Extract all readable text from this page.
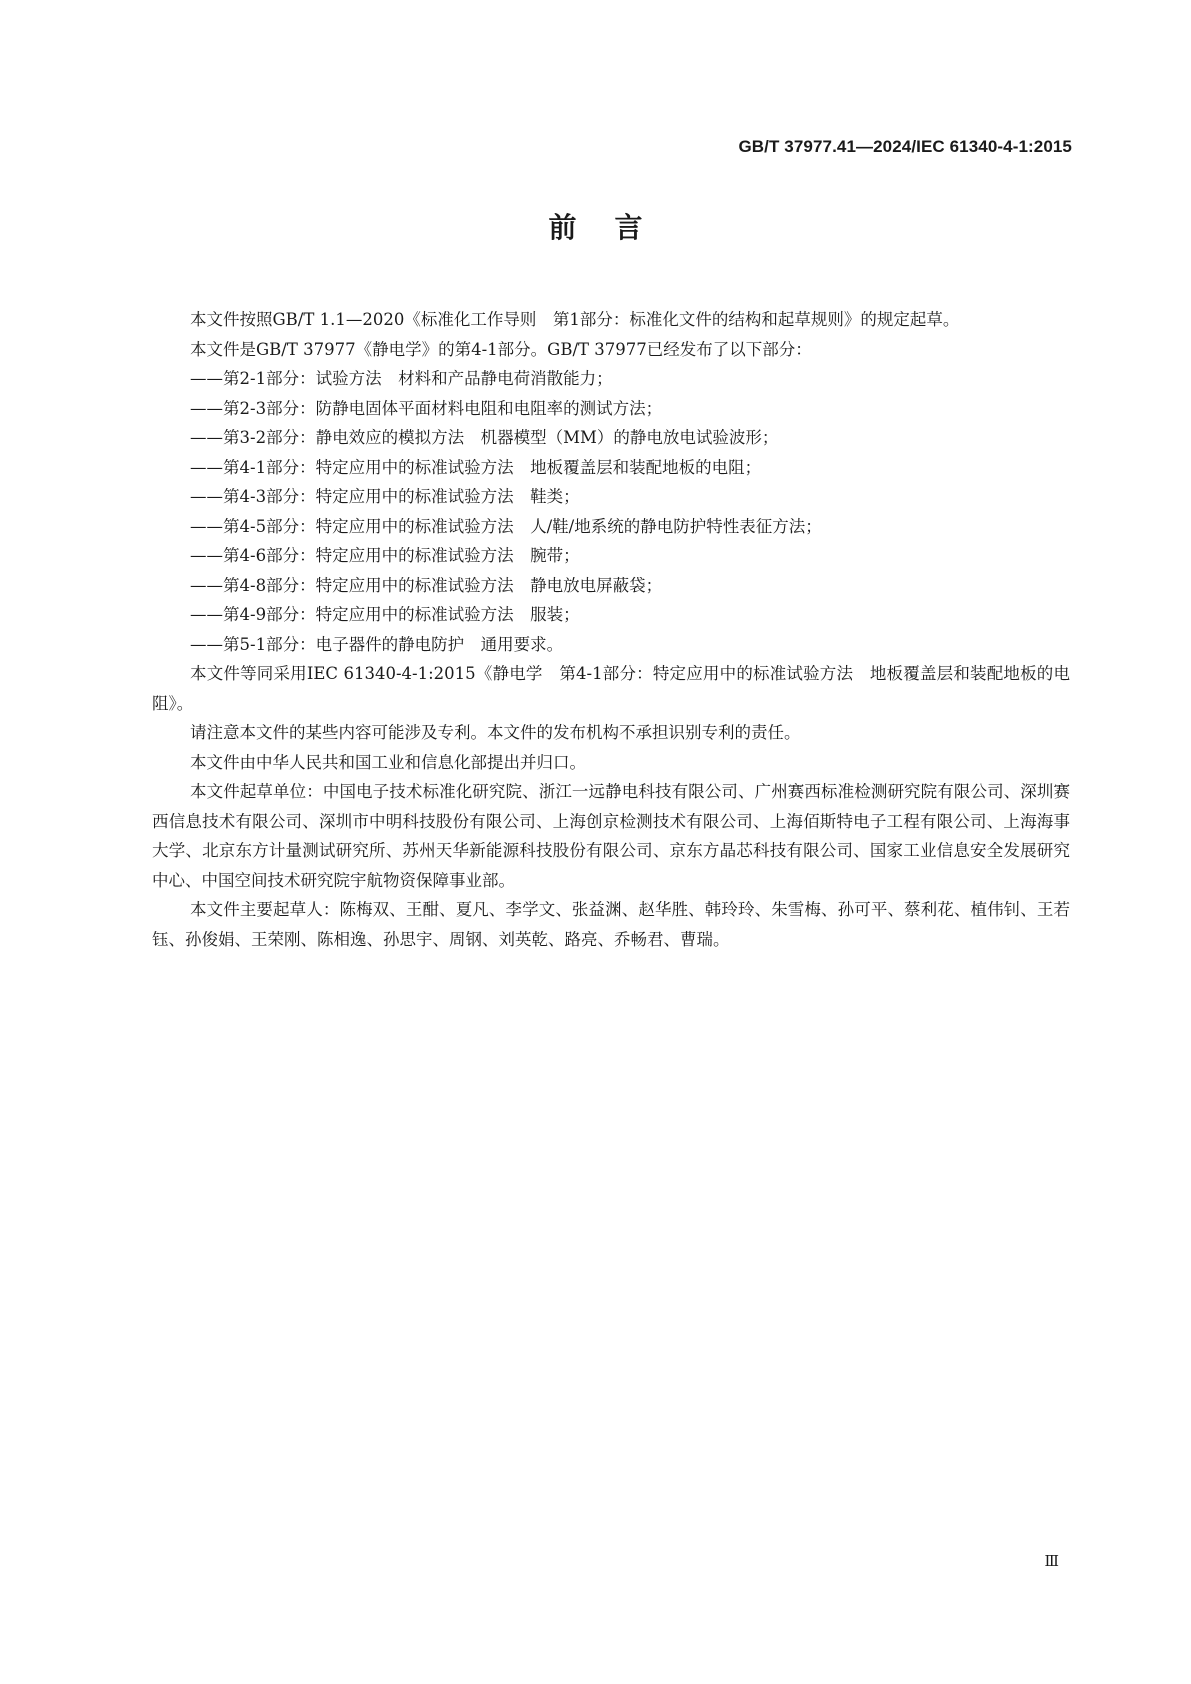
GB/T 37977.41—2024/IEC 61340-4-1:2015
前言

本文件按照GB/T 1.1—2020《标准化工作导则　第1部分：标准化文件的结构和起草规则》的规定起草。

本文件是GB/T 37977《静电学》的第4-1部分。GB/T 37977已经发布了以下部分：

——第2-1部分：试验方法　材料和产品静电荷消散能力；

——第2-3部分：防静电固体平面材料电阻和电阻率的测试方法；

——第3-2部分：静电效应的模拟方法　机器模型（MM）的静电放电试验波形；

——第4-1部分：特定应用中的标准试验方法　地板覆盖层和装配地板的电阻；

——第4-3部分：特定应用中的标准试验方法　鞋类；

——第4-5部分：特定应用中的标准试验方法　人/鞋/地系统的静电防护特性表征方法；

——第4-6部分：特定应用中的标准试验方法　腕带；

——第4-8部分：特定应用中的标准试验方法　静电放电屏蔽袋；

——第4-9部分：特定应用中的标准试验方法　服装；

——第5-1部分：电子器件的静电防护　通用要求。

本文件等同采用IEC 61340-4-1:2015《静电学　第4-1部分：特定应用中的标准试验方法　地板覆盖层和装配地板的电阻》。

请注意本文件的某些内容可能涉及专利。本文件的发布机构不承担识别专利的责任。

本文件由中华人民共和国工业和信息化部提出并归口。

本文件起草单位：中国电子技术标准化研究院、浙江一远静电科技有限公司、广州赛西标准检测研究院有限公司、深圳赛西信息技术有限公司、深圳市中明科技股份有限公司、上海创京检测技术有限公司、上海佰斯特电子工程有限公司、上海海事大学、北京东方计量测试研究所、苏州天华新能源科技股份有限公司、京东方晶芯科技有限公司、国家工业信息安全发展研究中心、中国空间技术研究院宇航物资保障事业部。

本文件主要起草人：陈梅双、王酣、夏凡、李学文、张益渊、赵华胜、韩玲玲、朱雪梅、孙可平、蔡利花、植伟钊、王若钰、孙俊娟、王荣刚、陈相逸、孙思宇、周钢、刘英乾、路亮、乔畅君、曹瑞。

Ⅲ
